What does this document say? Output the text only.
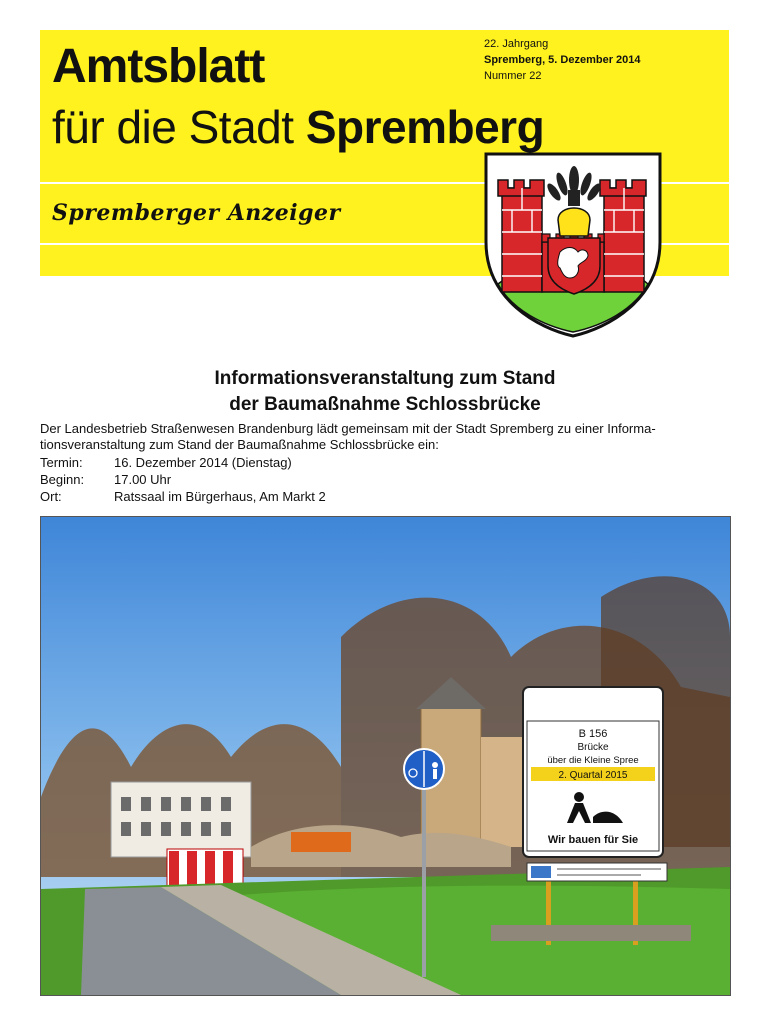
Amtsblatt
für die Stadt Spremberg
22. Jahrgang
Spremberg, 5. Dezember 2014
Nummer 22
Spremberger Anzeiger
Informationsveranstaltung zum Stand
der Baumaßnahme Schlossbrücke
Der Landesbetrieb Straßenwesen Brandenburg lädt gemeinsam mit der Stadt Spremberg zu einer Informa-
tionsveranstaltung zum Stand der Baumaßnahme Schlossbrücke ein:
Termin:	16. Dezember 2014 (Dienstag)
Beginn:	17.00 Uhr
Ort:	Ratssaal im Bürgerhaus, Am Markt 2
B 156
Brücke
über die Kleine Spree
2. Quartal 2015
Wir bauen für Sie
